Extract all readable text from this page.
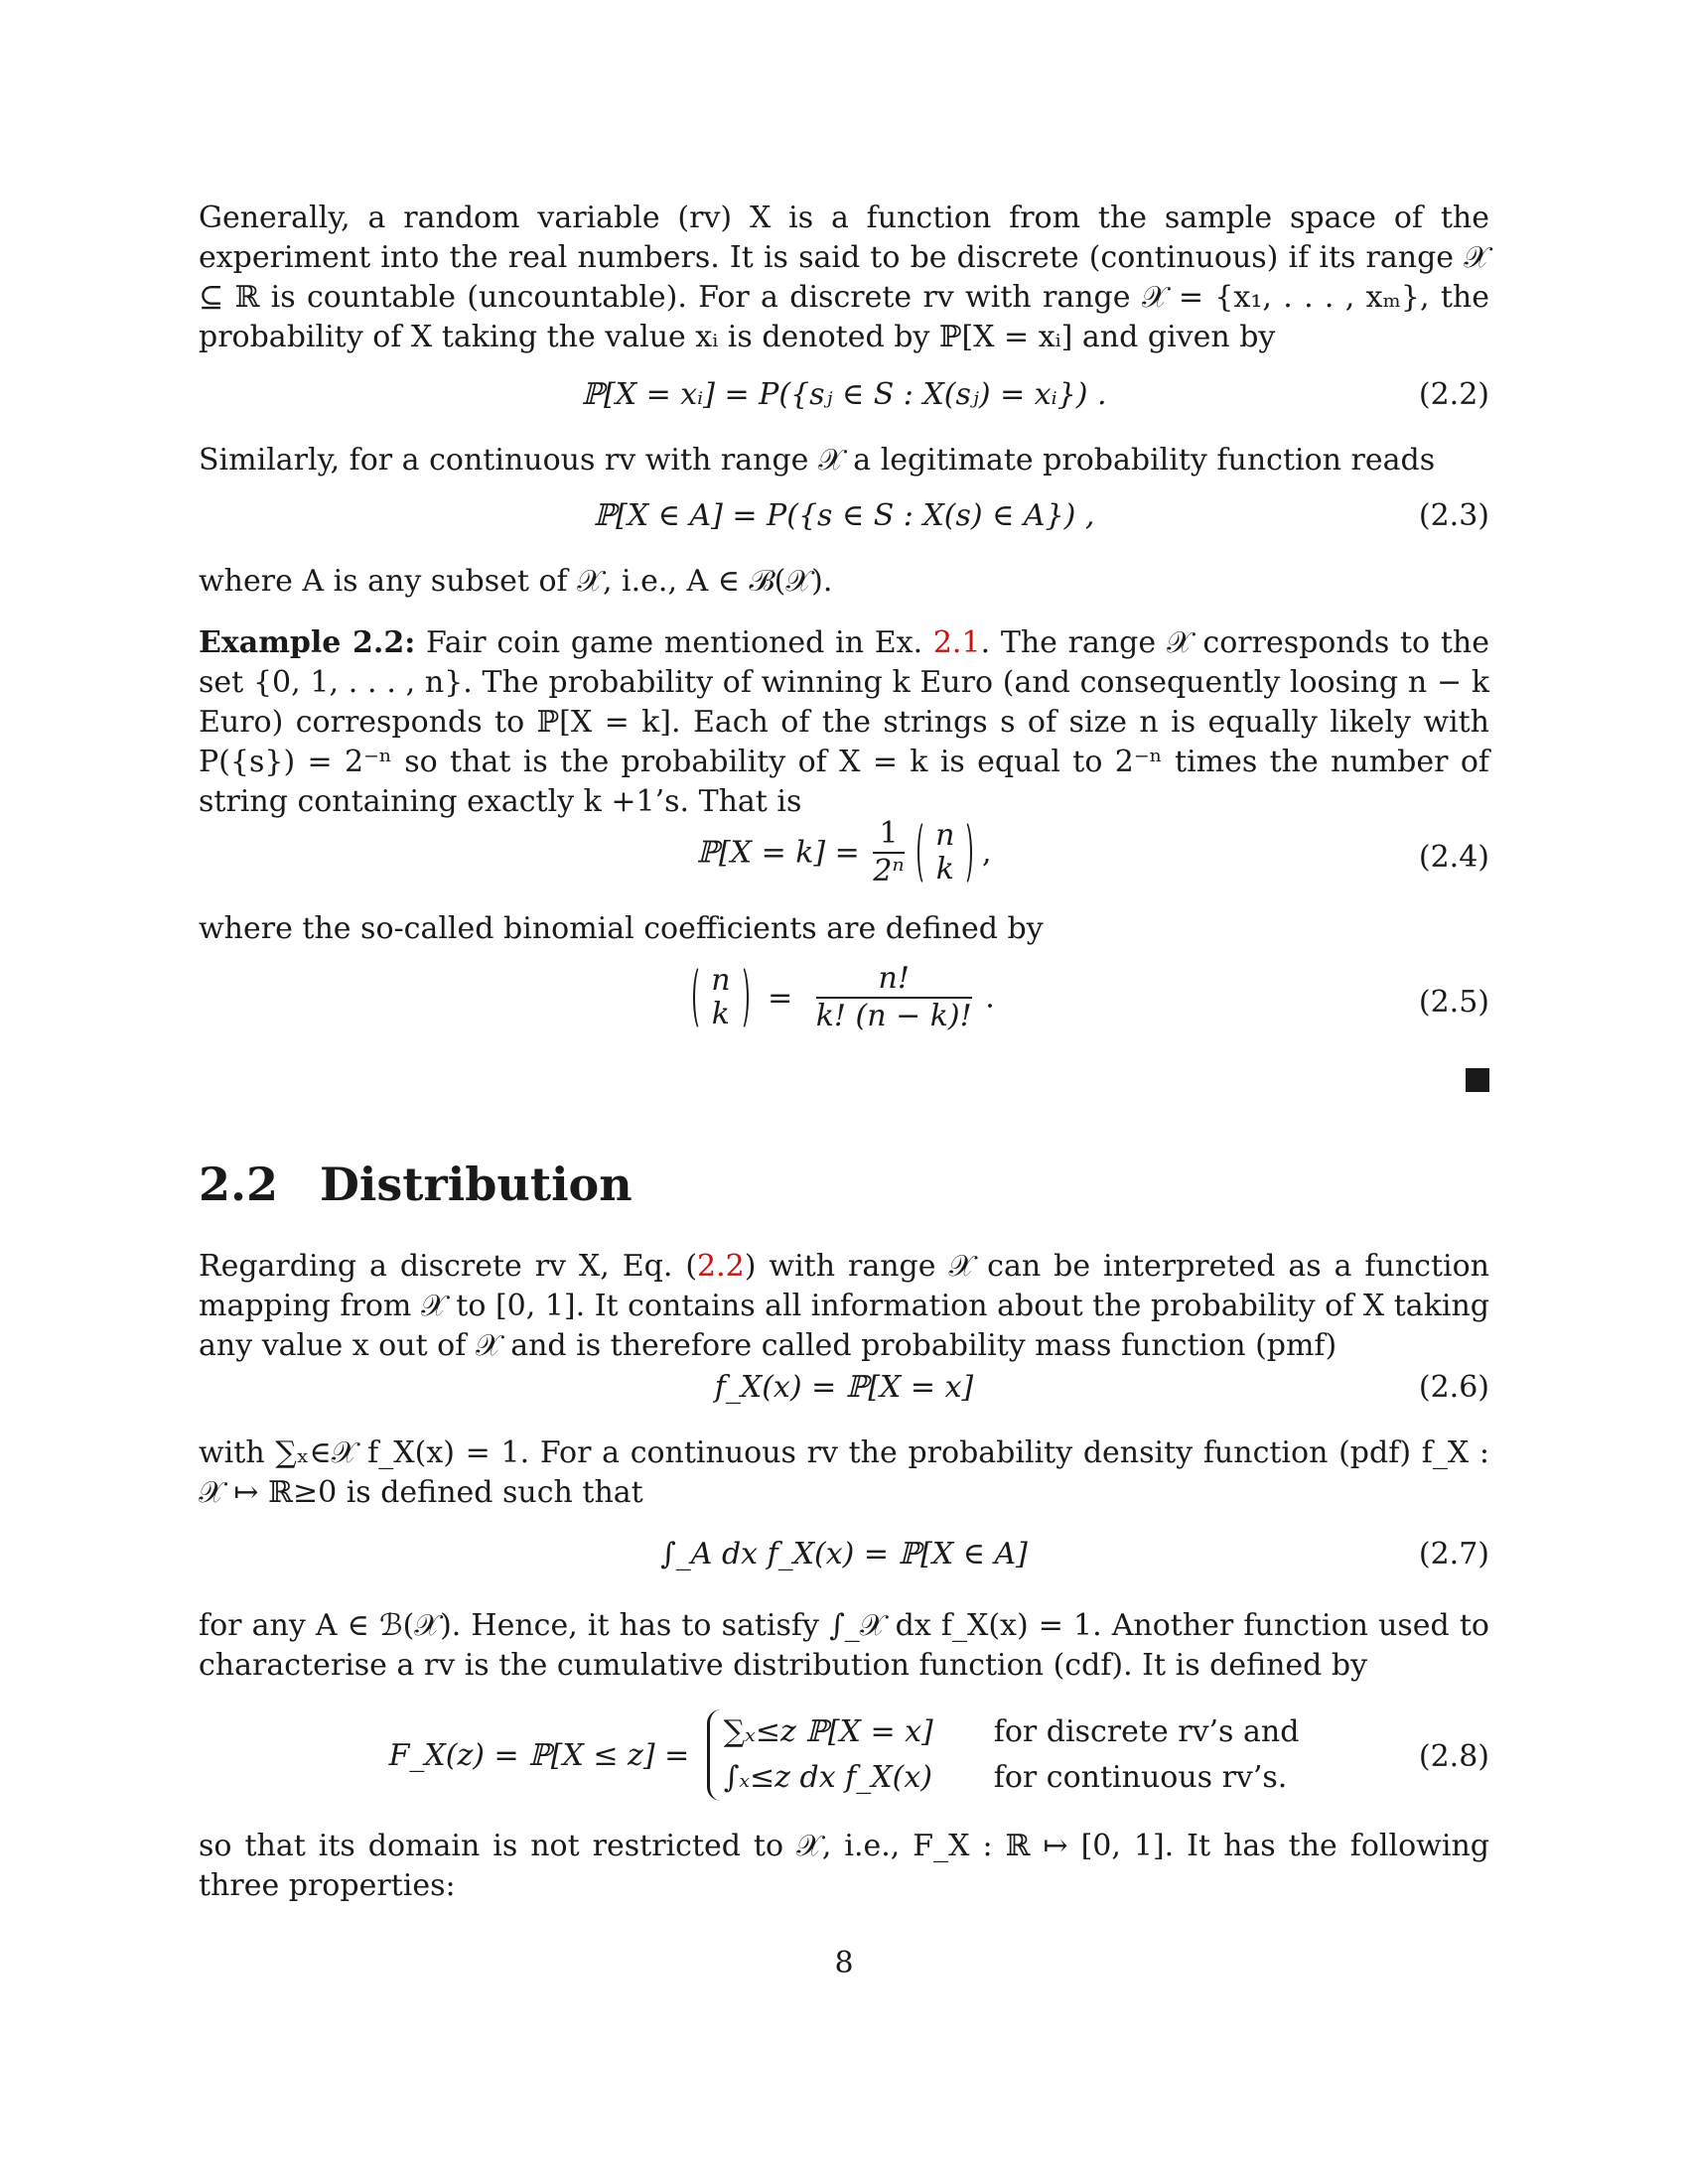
Generally, a random variable (rv) X is a function from the sample space of the experiment into the real numbers. It is said to be discrete (continuous) if its range 𝒳 ⊆ ℝ is countable (uncountable). For a discrete rv with range 𝒳 = {x₁, . . . , xₘ}, the probability of X taking the value xᵢ is denoted by ℙ[X = xᵢ] and given by

ℙ[X = xᵢ] = P({sⱼ ∈ S : X(sⱼ) = xᵢ}) .	(2.2)

Similarly, for a continuous rv with range 𝒳 a legitimate probability function reads

ℙ[X ∈ A] = P({s ∈ S : X(s) ∈ A}) ,	(2.3)

where A is any subset of 𝒳, i.e., A ∈ ℬ(𝒳).

Example 2.2: Fair coin game mentioned in Ex. 2.1. The range 𝒳 corresponds to the set {0, 1, . . . , n}. The probability of winning k Euro (and consequently loosing n − k Euro) corresponds to ℙ[X = k]. Each of the strings s of size n is equally likely with P({s}) = 2⁻ⁿ so that is the probability of X = k is equal to 2⁻ⁿ times the number of string containing exactly k +1’s. That is

ℙ[X = $k] = \frac{1}{\text{2ⁿ}}$
n
k ,	(2.4)

where the so-called binomial coefficients are defined by

n
$k = \frac{n!}{k! (n - k)!}$ .	(2.5)
2.2 Distribution

Regarding a discrete rv X, Eq. (2.2) with range 𝒳 can be interpreted as a function mapping from 𝒳 to [0, 1]. It contains all information about the probability of X taking any value x out of 𝒳 and is therefore called probability mass function (pmf)

f_X(x) = ℙ[X = x]	(2.6)

with ∑ₓ∈𝒳 f_X(x) = 1. For a continuous rv the probability density function (pdf) f_X : 𝒳 ↦ ℝ≥0 is defined such that

∫_A dx f_X(x) = ℙ[X ∈ A]	(2.7)

for any A ∈ ℬ(𝒳). Hence, it has to satisfy ∫_𝒳 dx f_X(x) = 1. Another function used to characterise a rv is the cumulative distribution function (cdf). It is defined by

F_X(z) = ℙ[X ≤ z] =
∑ₓ≤z ℙ[X = x] for discrete rv’s and
∫ₓ≤z dx f_X(x) for continuous rv’s.
(2.8)

so that its domain is not restricted to 𝒳, i.e., F_X : ℝ ↦ [0, 1]. It has the following three properties:

8
